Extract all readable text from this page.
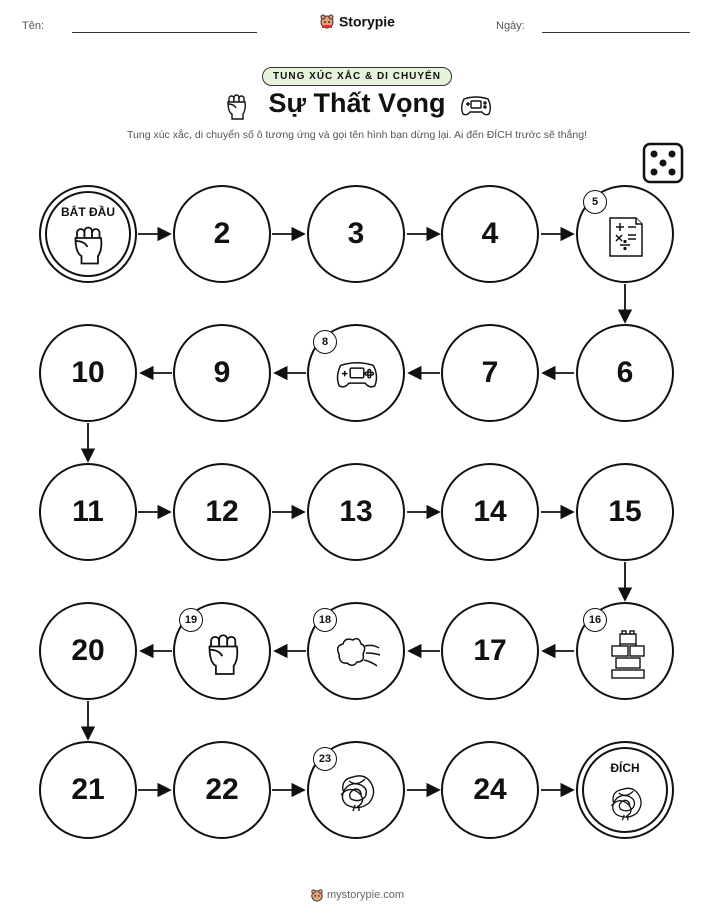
Tên:	Storypie	Ngày:
TUNG XÚC XẮC & DI CHUYỂN
Sự Thất Vọng
Tung xúc xắc, di chuyển số ô tương ứng và gọi tên hình bạn dừng lại. Ai đến ĐÍCH trước sẽ thắng!
BẮT ĐẦU
2	3	4
5
10	9
8
7	6
11	12	13	14	15
20
19	18
17
16
21	22
23
24
ĐÍCH
mystorypie.com
